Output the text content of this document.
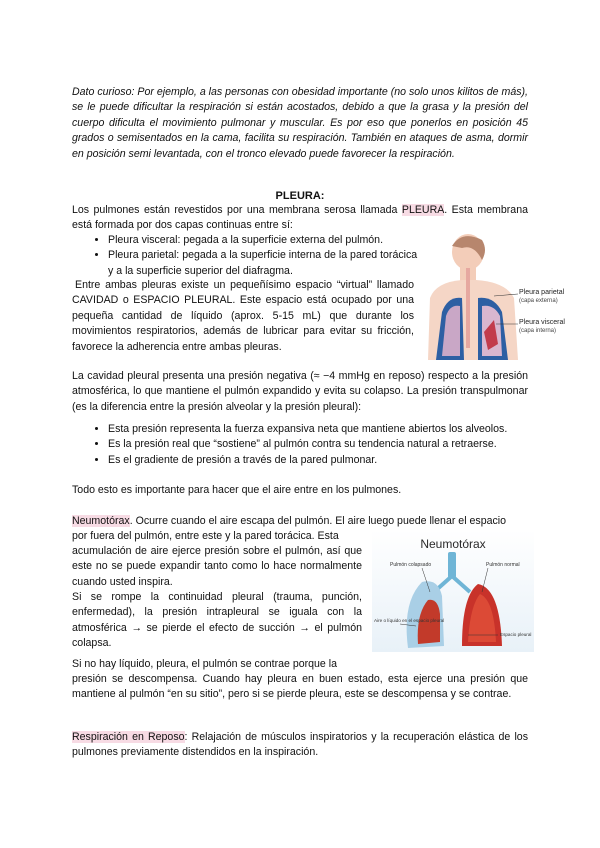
Dato curioso: Por ejemplo, a las personas con obesidad importante (no solo unos kilitos de más), se le puede dificultar la respiración si están acostados, debido a que la grasa y la presión del cuerpo dificulta el movimiento pulmonar y muscular. Es por eso que ponerlos en posición 45 grados o semisentados en la cama, facilita su respiración. También en ataques de asma, dormir en posición semi levantada, con el tronco elevado puede favorecer la respiración.
PLEURA:
Los pulmones están revestidos por una membrana serosa llamada PLEURA. Esta membrana está formada por dos capas continuas entre sí:
• Pleura visceral: pegada a la superficie externa del pulmón.
• Pleura parietal: pegada a la superficie interna de la pared torácica y a la superficie superior del diafragma.
Entre ambas pleuras existe un pequeñísimo espacio “virtual” llamado CAVIDAD o ESPACIO PLEURAL. Este espacio está ocupado por una pequeña cantidad de líquido (aprox. 5-15 mL) que durante los movimientos respiratorios, además de lubricar para evitar su fricción, favorece la adherencia entre ambas pleuras.
Pleura parietal
(capa externa)
Pleura visceral
(capa interna)
La cavidad pleural presenta una presión negativa (≈ −4 mmHg en reposo) respecto a la presión atmosférica, lo que mantiene el pulmón expandido y evita su colapso. La presión transpulmonar (es la diferencia entre la presión alveolar y la presión pleural):
• Esta presión representa la fuerza expansiva neta que mantiene abiertos los alveolos.
• Es la presión real que “sostiene” al pulmón contra su tendencia natural a retraerse.
• Es el gradiente de presión a través de la pared pulmonar.
Todo esto es importante para hacer que el aire entre en los pulmones.
Neumotórax. Ocurre cuando el aire escapa del pulmón. El aire luego puede llenar el espacio
por fuera del pulmón, entre este y la pared torácica. Esta
acumulación de aire ejerce presión sobre el pulmón, así que este no se puede expandir tanto como lo hace normalmente cuando usted inspira.
Si se rompe la continuidad pleural (trauma, punción, enfermedad), la presión intrapleural se iguala con la atmosférica → se pierde el efecto de succión → el pulmón colapsa.
Neumotórax
Pulmón colapsado	Pulmón normal
Aire o líquido en el espacio pleural
Espacio pleural
Si no hay líquido, pleura, el pulmón se contrae porque la
presión se descompensa. Cuando hay pleura en buen estado, esta ejerce una presión que mantiene al pulmón “en su sitio”, pero si se pierde pleura, este se descompensa y se contrae.
Respiración en Reposo: Relajación de músculos inspiratorios y la recuperación elástica de los pulmones previamente distendidos en la inspiración.
